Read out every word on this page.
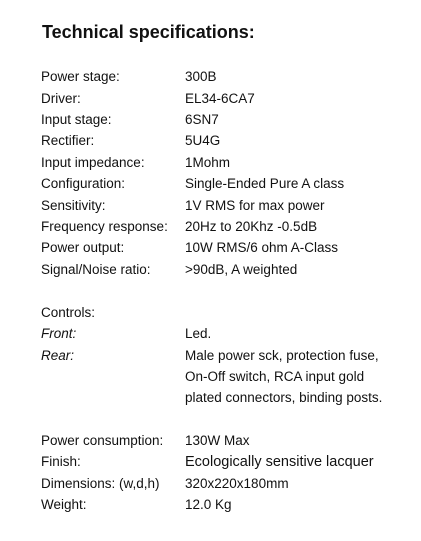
Technical specifications:
Power stage:	300B
Driver:	EL34-6CA7
Input stage:	6SN7
Rectifier:	5U4G
Input impedance:	1Mohm
Configuration:	Single-Ended Pure A class
Sensitivity:	1V RMS for max power
Frequency response: 20Hz to 20Khz -0.5dB
Power output:	10W RMS/6 ohm A-Class
Signal/Noise ratio:	>90dB, A weighted
Controls:
Front:	Led.
Rear:	Male power sck, protection fuse,
On-Off switch, RCA input gold
plated connectors, binding posts.
Power consumption: 130W Max
Finish:	Ecologically sensitive lacquer
Dimensions: (w,d,h) 320x220x180mm
Weight:	12.0 Kg
